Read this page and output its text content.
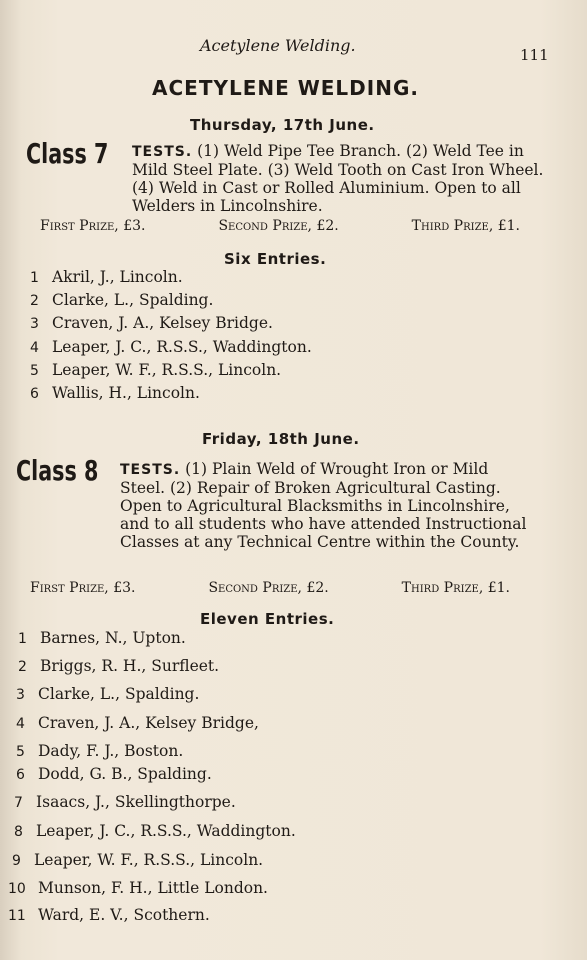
Acetylene Welding.	111
ACETYLENE WELDING.
Thursday, 17th June.
Class 7 TESTS. (1) Weld Pipe Tee Branch. (2) Weld Tee in Mild Steel Plate. (3) Weld Tooth on Cast Iron Wheel. (4) Weld in Cast or Rolled Aluminium. Open to all Welders in Lincolnshire.
First Prize, £3.	Second Prize, £2.	Third Prize, £1.
Six Entries.
1 Akril, J., Lincoln.
2 Clarke, L., Spalding.
3 Craven, J. A., Kelsey Bridge.
4 Leaper, J. C., R.S.S., Waddington.
5 Leaper, W. F., R.S.S., Lincoln.
6 Wallis, H., Lincoln.
Friday, 18th June.
Class 8 TESTS. (1) Plain Weld of Wrought Iron or Mild Steel. (2) Repair of Broken Agricultural Casting. Open to Agricultural Blacksmiths in Lincolnshire, and to all students who have attended Instructional Classes at any Technical Centre within the County.
First Prize, £3.	Second Prize, £2.	Third Prize, £1.
Eleven Entries.
1 Barnes, N., Upton.
2 Briggs, R. H., Surfleet.
3 Clarke, L., Spalding.
4 Craven, J. A., Kelsey Bridge,
5 Dady, F. J., Boston.
6 Dodd, G. B., Spalding.
7 Isaacs, J., Skellingthorpe.
8 Leaper, J. C., R.S.S., Waddington.
9 Leaper, W. F., R.S.S., Lincoln.
10 Munson, F. H., Little London.
11 Ward, E. V., Scothern.
